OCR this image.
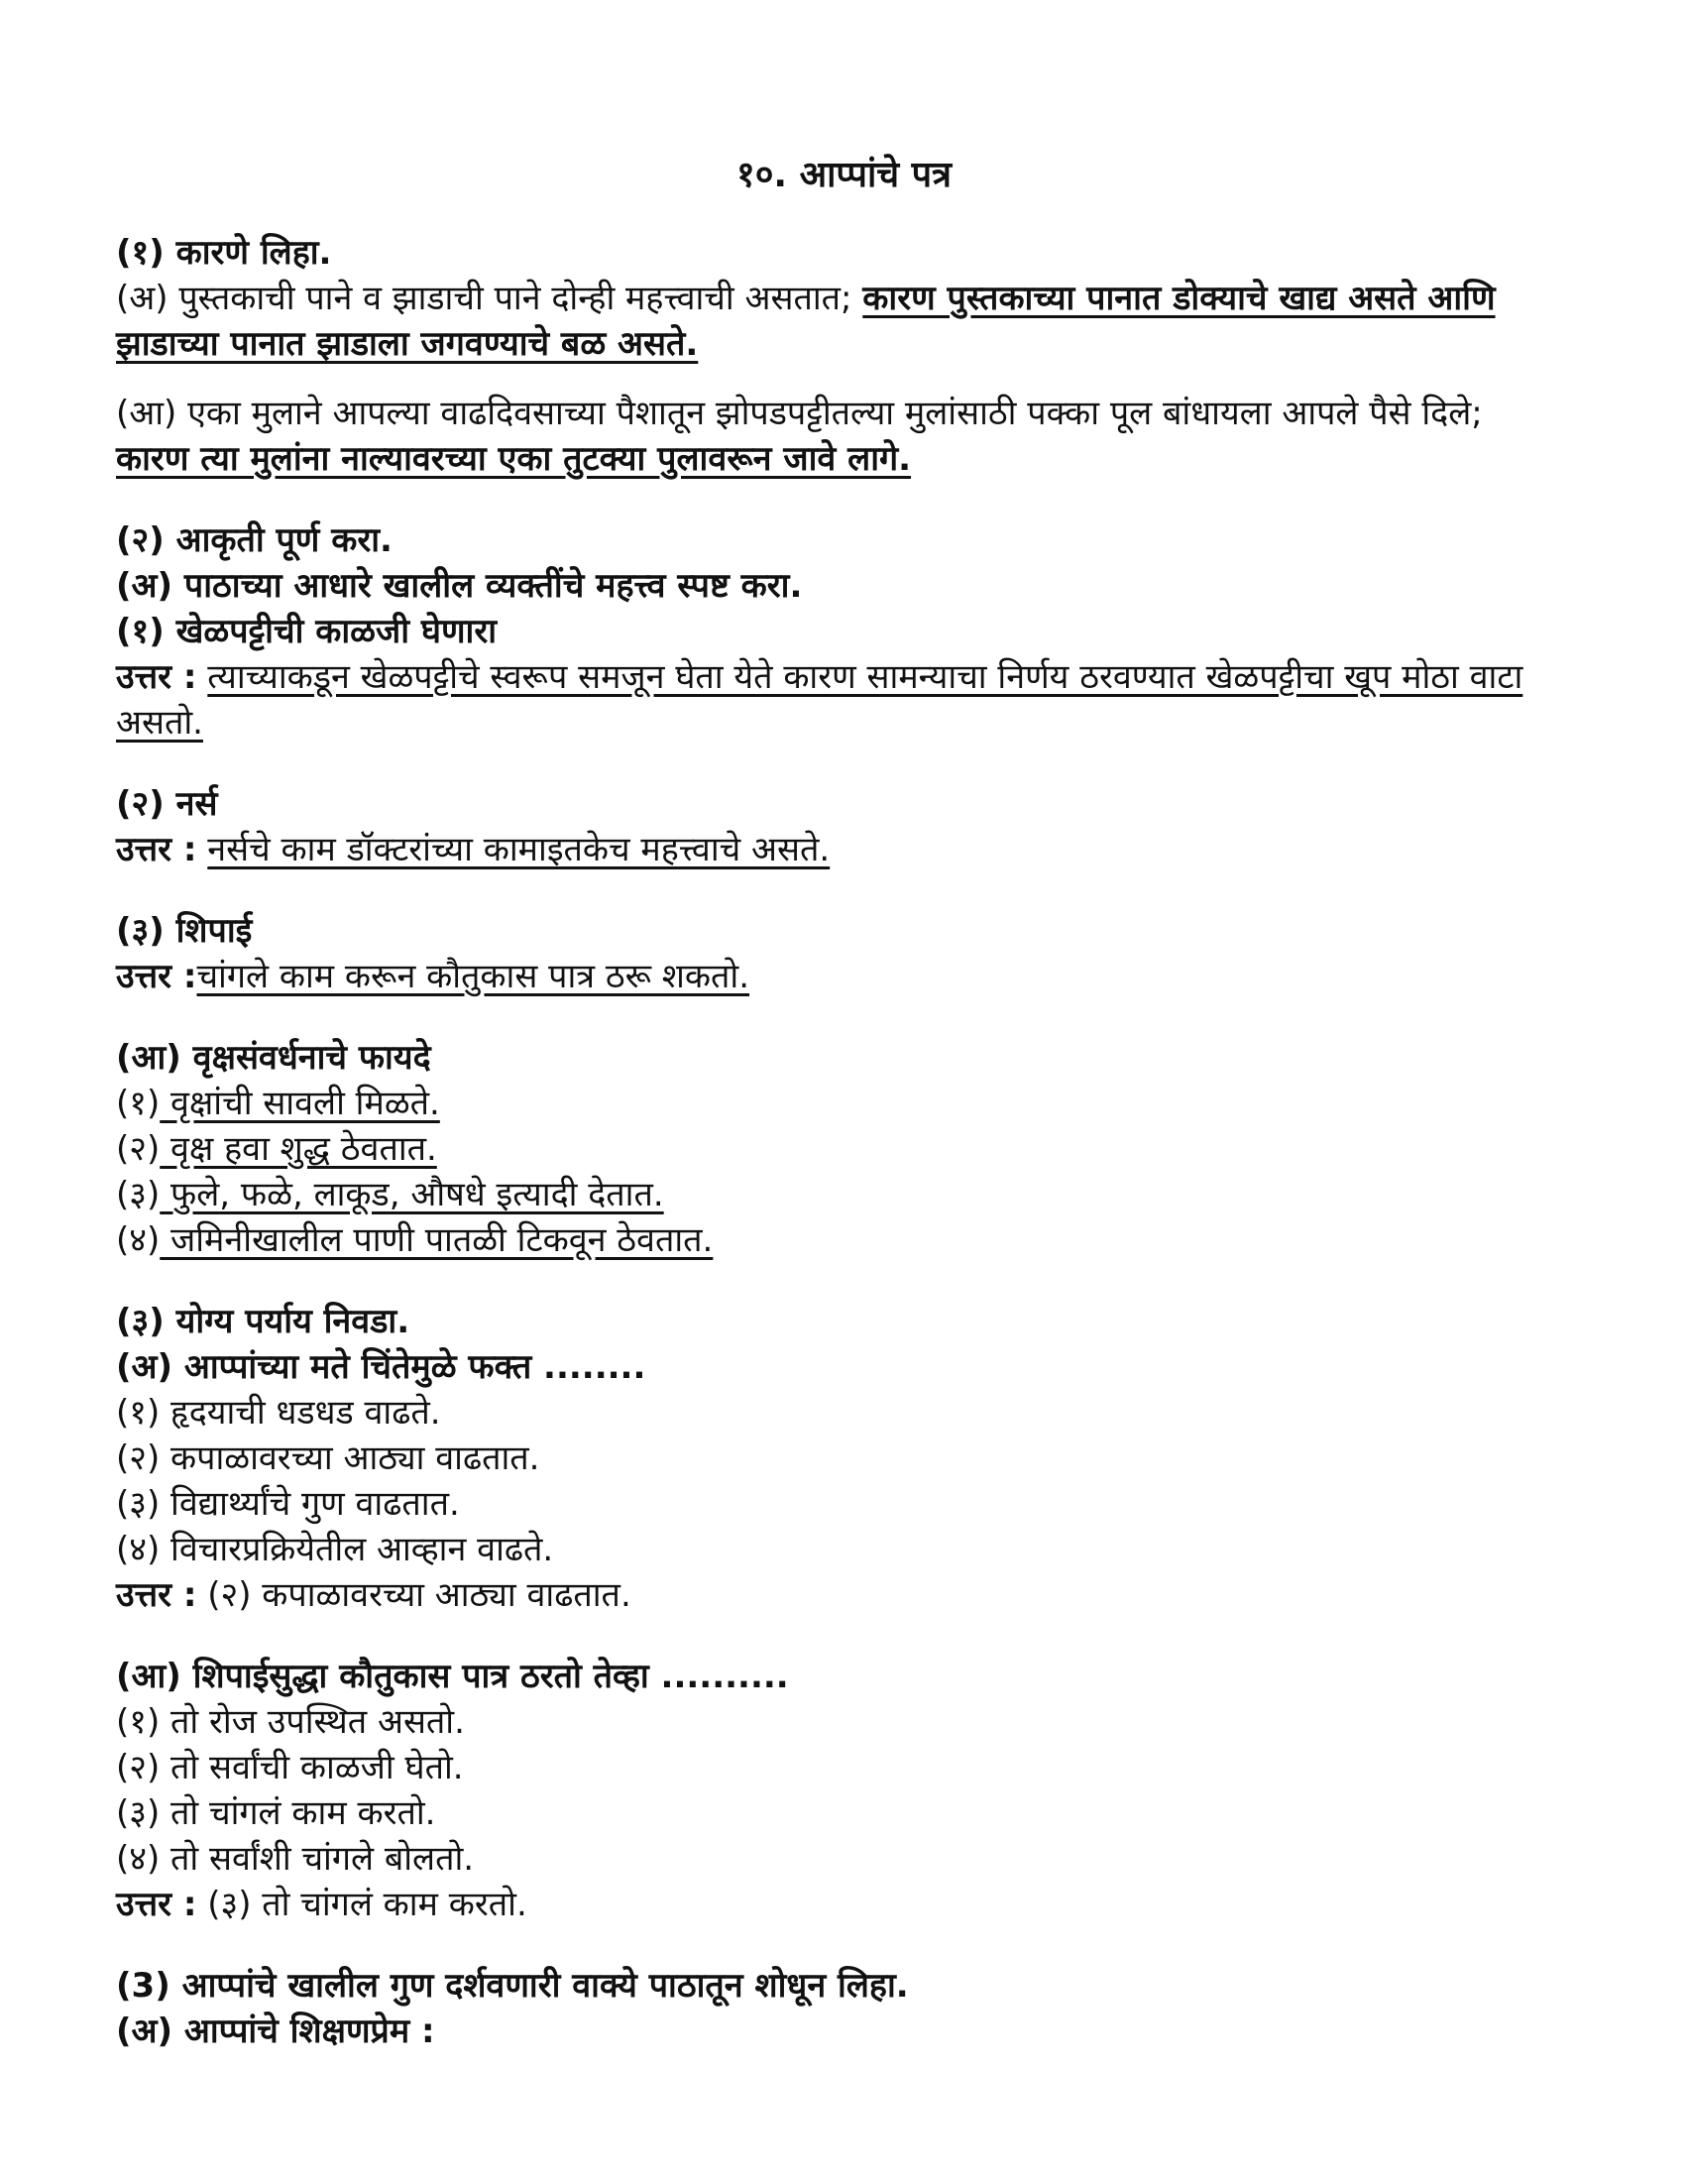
१०. आप्पांचे पत्र

(१) कारणे लिहा.

(अ) पुस्तकाची पाने व झाडाची पाने दोन्ही महत्त्वाची असतात; कारण पुस्तकाच्या पानात डोक्याचे खाद्य असते आणि झाडाच्या पानात झाडाला जगवण्याचे बळ असते.

(आ) एका मुलाने आपल्या वाढदिवसाच्या पैशातून झोपडपट्टीतल्या मुलांसाठी पक्का पूल बांधायला आपले पैसे दिले; कारण त्या मुलांना नाल्यावरच्या एका तुटक्या पुलावरून जावे लागे.

(२) आकृती पूर्ण करा.

(अ) पाठाच्या आधारे खालील व्यक्तींचे महत्त्व स्पष्ट करा.

(१) खेळपट्टीची काळजी घेणारा

उत्तर : त्याच्याकडून खेळपट्टीचे स्वरूप समजून घेता येते कारण सामन्याचा निर्णय ठरवण्यात खेळपट्टीचा खूप मोठा वाटा असतो.

(२) नर्स

उत्तर : नर्सचे काम डॉक्टरांच्या कामाइतकेच महत्त्वाचे असते.

(३) शिपाई

उत्तर :चांगले काम करून कौतुकास पात्र ठरू शकतो.

(आ) वृक्षसंवर्धनाचे फायदे

(१) वृक्षांची सावली मिळते.

(२) वृक्ष हवा शुद्ध ठेवतात.

(३) फुले, फळे, लाकूड, औषधे इत्यादी देतात.

(४) जमिनीखालील पाणी पातळी टिकवून ठेवतात.

(३) योग्य पर्याय निवडा.

(अ) आप्पांच्या मते चिंतेमुळे फक्त ........

(१) हृदयाची धडधड वाढते.

(२) कपाळावरच्या आठ्या वाढतात.

(३) विद्यार्थ्यांचे गुण वाढतात.

(४) विचारप्रक्रियेतील आव्हान वाढते.

उत्तर : (२) कपाळावरच्या आठ्या वाढतात.

(आ) शिपाईसुद्धा कौतुकास पात्र ठरतो तेव्हा ..........

(१) तो रोज उपस्थित असतो.

(२) तो सर्वांची काळजी घेतो.

(३) तो चांगलं काम करतो.

(४) तो सर्वांशी चांगले बोलतो.

उत्तर : (३) तो चांगलं काम करतो.

(3) आप्पांचे खालील गुण दर्शवणारी वाक्ये पाठातून शोधून लिहा.

(अ) आप्पांचे शिक्षणप्रेम :
